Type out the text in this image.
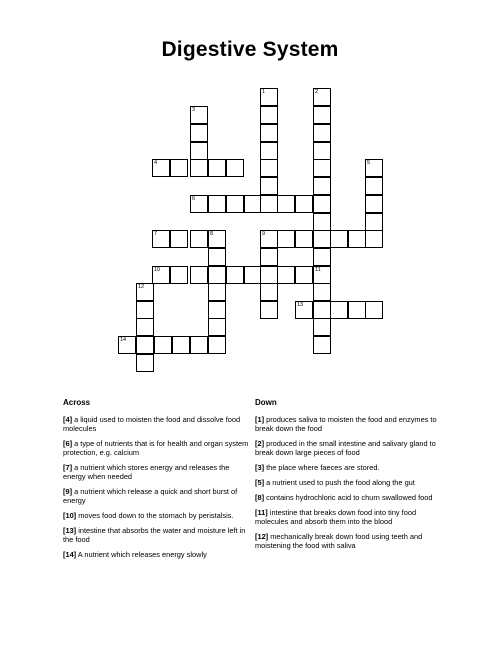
Digestive System
1	2
3
4	5
6
7	8	9
10	11
12
13
14
Across	Down
[4] a liquid used to moisten the food and dissolve food molecules
[6] a type of nutrients that is for health and organ system protection, e.g. calcium
[7] a nutrient which stores energy and releases the energy when needed
[9] a nutrient which release a quick and short burst of energy
[10] moves food down to the stomach by peristalsis.
[13] intestine that absorbs the water and moisture left in the food
[14] A nutrient which releases energy slowly
[1] produces saliva to moisten the food and enzymes to break down the food
[2] produced in the small intestine and salivary gland to break down large pieces of food
[3] the place where faeces are stored.
[5] a nutrient used to push the food along the gut
[8] contains hydrochloric acid to churn swallowed food
[11] intestine that breaks down food into tiny food molecules and absorb them into the blood
[12] mechanically break down food using teeth and moistening the food with saliva
